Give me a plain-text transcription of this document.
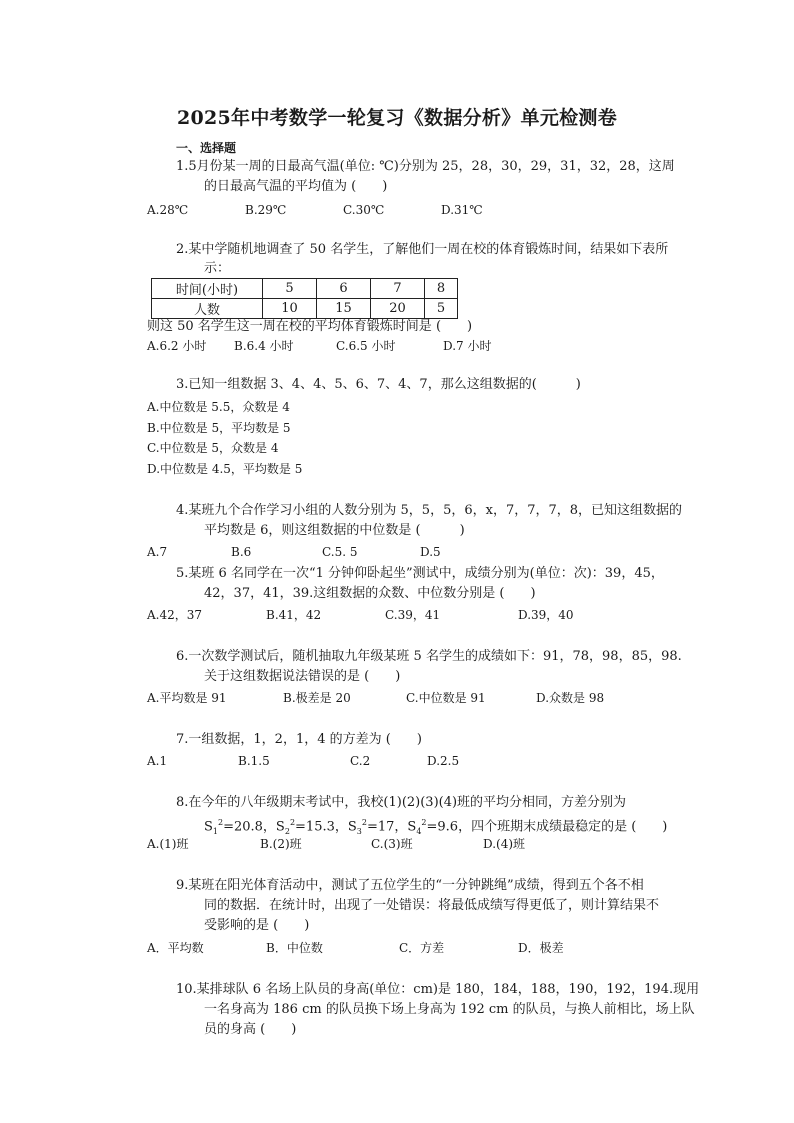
2025年中考数学一轮复习《数据分析》单元检测卷
一、选择题
1.5月份某一周的日最高气温(单位: ℃)分别为 25，28，30，29，31，32，28，这周
的日最高气温的平均值为 (　　)
A.28℃	B.29℃	C.30℃	D.31℃
2.某中学随机地调查了 50 名学生，了解他们一周在校的体育锻炼时间，结果如下表所
示：
时间(小时)	5	6	7	8
人数	10	15	20	5
则这 50 名学生这一周在校的平均体育锻炼时间是 (　　)
A.6.2 小时 B.6.4 小时	C.6.5 小时	D.7 小时
3.已知一组数据 3、4、4、5、6、7、4、7，那么这组数据的(　　　)
A.中位数是 5.5，众数是 4
B.中位数是 5，平均数是 5
C.中位数是 5，众数是 4
D.中位数是 4.5，平均数是 5
4.某班九个合作学习小组的人数分别为 5，5，5，6，x，7，7，7，8，已知这组数据的
平均数是 6，则这组数据的中位数是 (　　　)
A.7	B.6	C.5. 5	D.5
5.某班 6 名同学在一次“1 分钟仰卧起坐”测试中，成绩分别为(单位：次)：39，45，
42，37，41，39.这组数据的众数、中位数分别是 (　　)
A.42，37	B.41，42	C.39，41	D.39，40
6.一次数学测试后，随机抽取九年级某班 5 名学生的成绩如下：91，78，98，85，98.
关于这组数据说法错误的是 (　　)
A.平均数是 91	B.极差是 20	C.中位数是 91	D.众数是 98
7.一组数据，1，2，1，4 的方差为 (　　)
A.1	B.1.5	C.2	D.2.5
8.在今年的八年级期末考试中，我校(1)(2)(3)(4)班的平均分相同，方差分别为
$S_1^2=20.8$，$S_2^2=15.3$，$S_3^2=17$，$S_4^2=9.6$，四个班期末成绩最稳定的是 (　　)
A.(1)班	B.(2)班	C.(3)班	D.(4)班
9.某班在阳光体育活动中，测试了五位学生的“一分钟跳绳”成绩，得到五个各不相
同的数据．在统计时，出现了一处错误：将最低成绩写得更低了，则计算结果不
受影响的是 (　　)
A．平均数	B．中位数	C．方差	D．极差
10.某排球队 6 名场上队员的身高(单位：cm)是 180，184，188，190，192，194.现用
一名身高为 186 cm 的队员换下场上身高为 192 cm 的队员，与换人前相比，场上队
员的身高 (　　)
